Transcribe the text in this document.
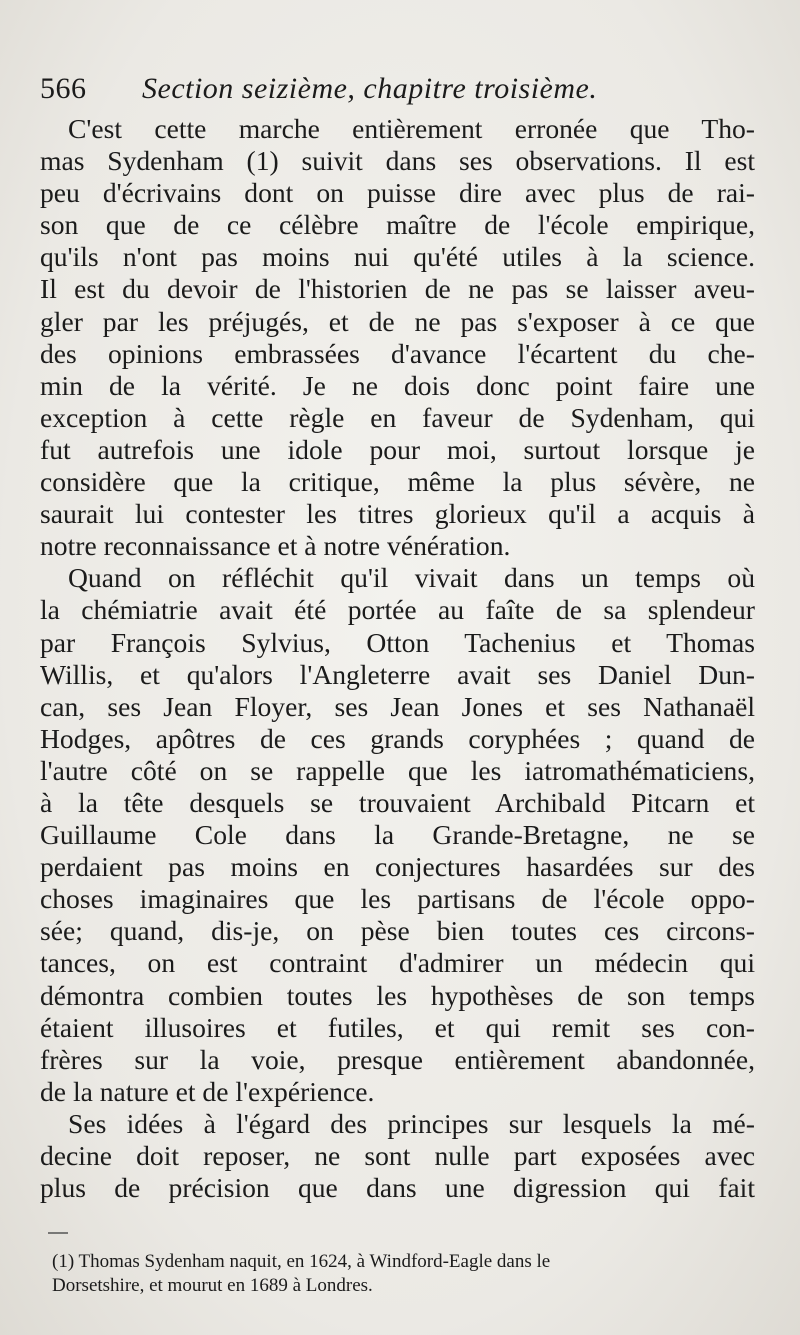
566 Section seizième, chapitre troisième.
C'est cette marche entièrement erronée que Tho-
mas Sydenham (1) suivit dans ses observations. Il est
peu d'écrivains dont on puisse dire avec plus de rai-
son que de ce célèbre maître de l'école empirique,
qu'ils n'ont pas moins nui qu'été utiles à la science.
Il est du devoir de l'historien de ne pas se laisser aveu-
gler par les préjugés, et de ne pas s'exposer à ce que
des opinions embrassées d'avance l'écartent du che-
min de la vérité. Je ne dois donc point faire une
exception à cette règle en faveur de Sydenham, qui
fut autrefois une idole pour moi, surtout lorsque je
considère que la critique, même la plus sévère, ne
saurait lui contester les titres glorieux qu'il a acquis à
notre reconnaissance et à notre vénération.
Quand on réfléchit qu'il vivait dans un temps où
la chémiatrie avait été portée au faîte de sa splendeur
par François Sylvius, Otton Tachenius et Thomas
Willis, et qu'alors l'Angleterre avait ses Daniel Dun-
can, ses Jean Floyer, ses Jean Jones et ses Nathanaël
Hodges, apôtres de ces grands coryphées ; quand de
l'autre côté on se rappelle que les iatromathématiciens,
à la tête desquels se trouvaient Archibald Pitcarn et
Guillaume Cole dans la Grande-Bretagne, ne se
perdaient pas moins en conjectures hasardées sur des
choses imaginaires que les partisans de l'école oppo-
sée; quand, dis-je, on pèse bien toutes ces circons-
tances, on est contraint d'admirer un médecin qui
démontra combien toutes les hypothèses de son temps
étaient illusoires et futiles, et qui remit ses con-
frères sur la voie, presque entièrement abandonnée,
de la nature et de l'expérience.
Ses idées à l'égard des principes sur lesquels la mé-
decine doit reposer, ne sont nulle part exposées avec
plus de précision que dans une digression qui fait
(1) Thomas Sydenham naquit, en 1624, à Windford-Eagle dans le
Dorsetshire, et mourut en 1689 à Londres.
